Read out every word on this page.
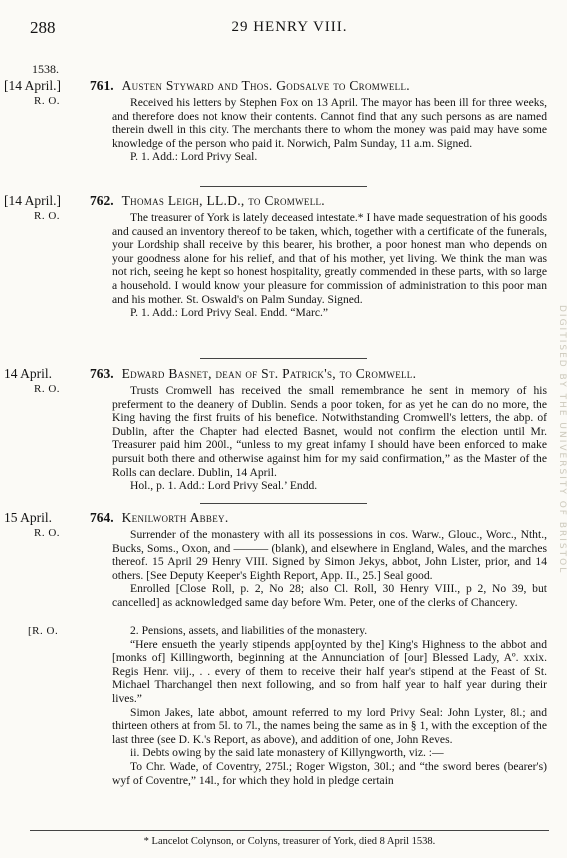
288	29 HENRY VIII.
1538.
[14 April.]
R. O.
761. Austen Styward and Thos. Godsalve to Cromwell.

Received his letters by Stephen Fox on 13 April. The mayor has been ill for three weeks, and therefore does not know their contents. Cannot find that any such persons as are named therein dwell in this city. The merchants there to whom the money was paid may have some knowledge of the person who paid it. Norwich, Palm Sunday, 11 a.m. Signed.

P. 1. Add.: Lord Privy Seal.

[14 April.]
R. O.
762. Thomas Leigh, LL.D., to Cromwell.

The treasurer of York is lately deceased intestate.* I have made sequestration of his goods and caused an inventory thereof to be taken, which, together with a certificate of the funerals, your Lordship shall receive by this bearer, his brother, a poor honest man who depends on your goodness alone for his relief, and that of his mother, yet living. We think the man was not rich, seeing he kept so honest hospitality, greatly commended in these parts, with so large a household. I would know your pleasure for commission of administration to this poor man and his mother. St. Oswald's on Palm Sunday. Signed.

P. 1. Add.: Lord Privy Seal. Endd. “Marc.”

14 April.
R. O.
763. Edward Basnet, dean of St. Patrick's, to Cromwell.

Trusts Cromwell has received the small remembrance he sent in memory of his preferment to the deanery of Dublin. Sends a poor token, for as yet he can do no more, the King having the first fruits of his benefice. Notwithstanding Cromwell's letters, the abp. of Dublin, after the Chapter had elected Basnet, would not confirm the election until Mr. Treasurer paid him 200l., “unless to my great infamy I should have been enforced to make pursuit both there and otherwise against him for my said confirmation,” as the Master of the Rolls can declare. Dublin, 14 April.

Hol., p. 1. Add.: Lord Privy Seal.’ Endd.

15 April.
R. O.
764. Kenilworth Abbey.

Surrender of the monastery with all its possessions in cos. Warw., Glouc., Worc., Ntht., Bucks, Soms., Oxon, and ——— (blank), and elsewhere in England, Wales, and the marches thereof. 15 April 29 Henry VIII. Signed by Simon Jekys, abbot, John Lister, prior, and 14 others. [See Deputy Keeper's Eighth Report, App. II., 25.] Seal good.

Enrolled [Close Roll, p. 2, No 28; also Cl. Roll, 30 Henry VIII., p 2, No 39, but cancelled] as acknowledged same day before Wm. Peter, one of the clerks of Chancery.

[R. O.	2. Pensions, assets, and liabilities of the monastery.

“Here ensueth the yearly stipends app[oynted by the] King's Highness to the abbot and [monks of] Killingworth, beginning at the Annunciation of [our] Blessed Lady, Aº. xxix. Regis Henr. viij., . . every of them to receive their half year's stipend at the Feast of St. Michael Tharchangel then next following, and so from half year to half year during their lives.”

Simon Jakes, late abbot, amount referred to my lord Privy Seal: John Lyster, 8l.; and thirteen others at from 5l. to 7l., the names being the same as in § 1, with the exception of the last three (see D. K.'s Report, as above), and addition of one, John Reves.

ii. Debts owing by the said late monastery of Killyngworth, viz. :—

To Chr. Wade, of Coventry, 275l.; Roger Wigston, 30l.; and “the sword beres (bearer's) wyf of Coventre,” 14l., for which they hold in pledge certain

* Lancelot Colynson, or Colyns, treasurer of York, died 8 April 1538.
DIGITISED BY THE UNIVERSITY OF BRISTOL
